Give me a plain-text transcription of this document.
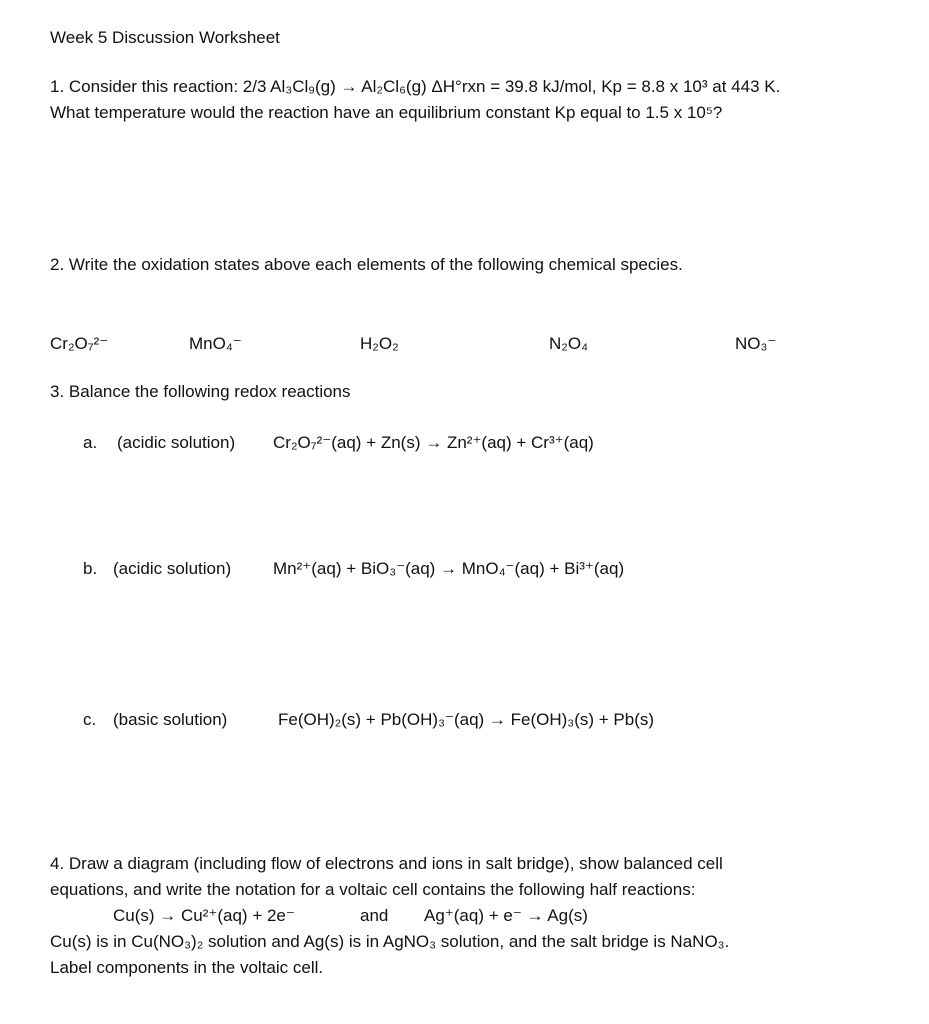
Week 5 Discussion Worksheet
1. Consider this reaction: 2/3 Al₃Cl₉(g) → Al₂Cl₆(g) ΔH°rxn = 39.8 kJ/mol, Kp = 8.8 x 10³ at 443 K.
What temperature would the reaction have an equilibrium constant Kp equal to 1.5 x 10⁵?
2. Write the oxidation states above each elements of the following chemical species.
Cr₂O₇²⁻	MnO₄⁻	H₂O₂	N₂O₄	NO₃⁻
3. Balance the following redox reactions
a. (acidic solution) Cr₂O₇²⁻(aq) + Zn(s) → Zn²⁺(aq) + Cr³⁺(aq)
b. (acidic solution) Mn²⁺(aq) + BiO₃⁻(aq) → MnO₄⁻(aq) + Bi³⁺(aq)
c. (basic solution)	Fe(OH)₂(s) + Pb(OH)₃⁻(aq) → Fe(OH)₃(s) + Pb(s)
4. Draw a diagram (including flow of electrons and ions in salt bridge), show balanced cell
equations, and write the notation for a voltaic cell contains the following half reactions:
Cu(s) → Cu²⁺(aq) + 2e⁻	and Ag⁺(aq) + e⁻ → Ag(s)
Cu(s) is in Cu(NO₃)₂ solution and Ag(s) is in AgNO₃ solution, and the salt bridge is NaNO₃.
Label components in the voltaic cell.
